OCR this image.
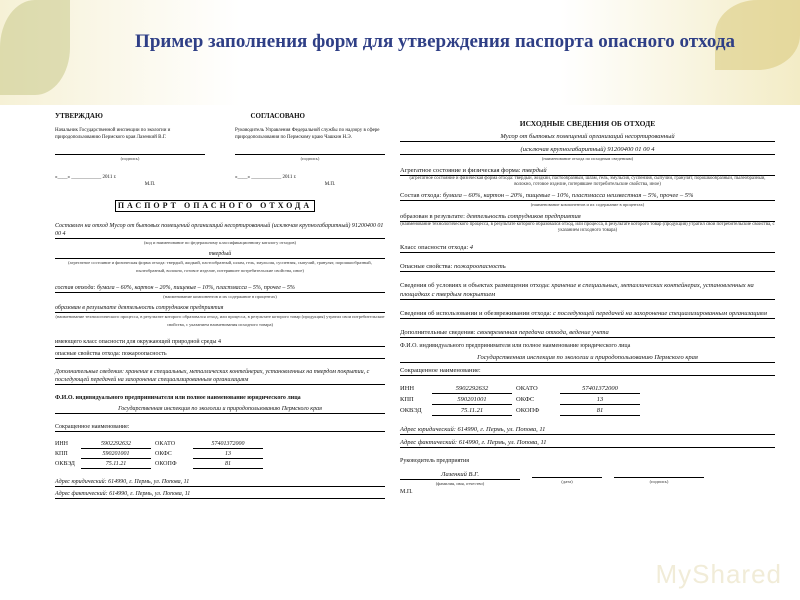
MyShared
Пример заполнения форм для утверждения паспорта опасного отхода
УТВЕРЖДАЮ	СОГЛАСОВАНО
Начальник Государственной инспекции по экологии и природопользованию Пермского края Лазенкий В.Г.
Руководитель Управления Федеральной службы по надзору в сфере природопользования по Пермскому краю Чашкин Н.Э.
(подпись)	(подпись)
«____» ____________ 2011 г.
М.П.
«____» ____________ 2011 г.
М.П.
ПАСПОРТ ОПАСНОГО ОТХОДА
Составлен на отход Мусор от бытовых помещений организаций несортированный (исключая крупногабаритный) 91200400 01 00 4
(код и наименование по федеральному классификационному каталогу отходов)
твердый
(агрегатное состояние и физическая форма отхода: твердый, жидкий, пастообразный, шлам, гель, эмульсия, суспензия, сыпучий, гранулят, порошкообразный, пылеобразный, волокно, готовое изделие, потерявшее потребительские свойства, иное)
состав отхода: бумага – 60%, картон – 20%, пищевые – 10%, пластмасса – 5%, прочее – 5%
(наименование компонентов и их содержание в процентах)
образован в результате деятельность сотрудников предприятия
(наименование технологического процесса, в результате которого образовался отход, или процесса, в результате которого товар (продукция) утратил свои потребительские свойства, с указанием наименования исходного товара)
имеющего класс опасности для окружающей природной среды 4
опасные свойства отхода: пожароопасность
Дополнительные сведения: хранение в специальных, металлических контейнерах, установленных на твердом покрытии, с последующей передачей на захоронение специализированным организациям
Ф.И.О. индивидуального предпринимателя или полное наименование юридического лица
Государственная инспекция по экологии и природопользованию Пермского края
Сокращенное наименование:
ИНН	5902292632	ОКАТО	57401372000
КПП	590201001	ОКФС	13
ОКВЭД	75.11.21	ОКОПФ	81
Адрес юридический: 614990, г. Пермь, ул. Попова, 11
Адрес фактический: 614990, г. Пермь, ул. Попова, 11
ИСХОДНЫЕ СВЕДЕНИЯ ОБ ОТХОДЕ
Мусор от бытовых помещений организаций несортированный
(исключая крупногабаритный) 91200400 01 00 4
(наименование отхода по исходным сведениям)
Агрегатное состояние и физическая форма: твердый
(агрегатное состояние и физическая форма отхода: твердый, жидкий, пастообразный, шлам, гель, эмульсия, суспензия, сыпучий, гранулят, порошкообразный, пылеобразный, волокно, готовое изделие, потерявшее потребительские свойства, иное)
Состав отхода: бумага – 60%, картон – 20%, пищевые – 10%, пластмасса неизвестная – 5%, прочее – 5%
(наименование компонентов и их содержание в процентах)
образован в результате: деятельность сотрудников предприятия
(наименование технологического процесса, в результате которого образовался отход, или процесса, в результате которого товар (продукция) утратил свои потребительские свойства, с указанием исходного товара)
Класс опасности отхода: 4
Опасные свойства: пожароопасность
Сведения об условиях и объектах размещения отхода: хранение в специальных, металлических контейнерах, установленных на площадках с твердым покрытием
Сведения об использовании и обезвреживании отхода: с последующей передачей на захоронение специализированным организациям
Дополнительные сведения: своевременная передача отхода, ведение учета
Ф.И.О. индивидуального предпринимателя или полное наименование юридического лица
Государственная инспекция по экологии и природопользованию Пермского края
Сокращенное наименование:
ИНН	5902292632	ОКАТО	57401372000
КПП	590201001	ОКФС	13
ОКВЭД	75.11.21	ОКОПФ	81
Адрес юридический: 614990, г. Пермь, ул. Попова, 11
Адрес фактический: 614990, г. Пермь, ул. Попова, 11
Руководитель предприятия
Лазенкий В.Г.
(фамилия, имя, отчество)	(дата)	(подпись)
М.П.
